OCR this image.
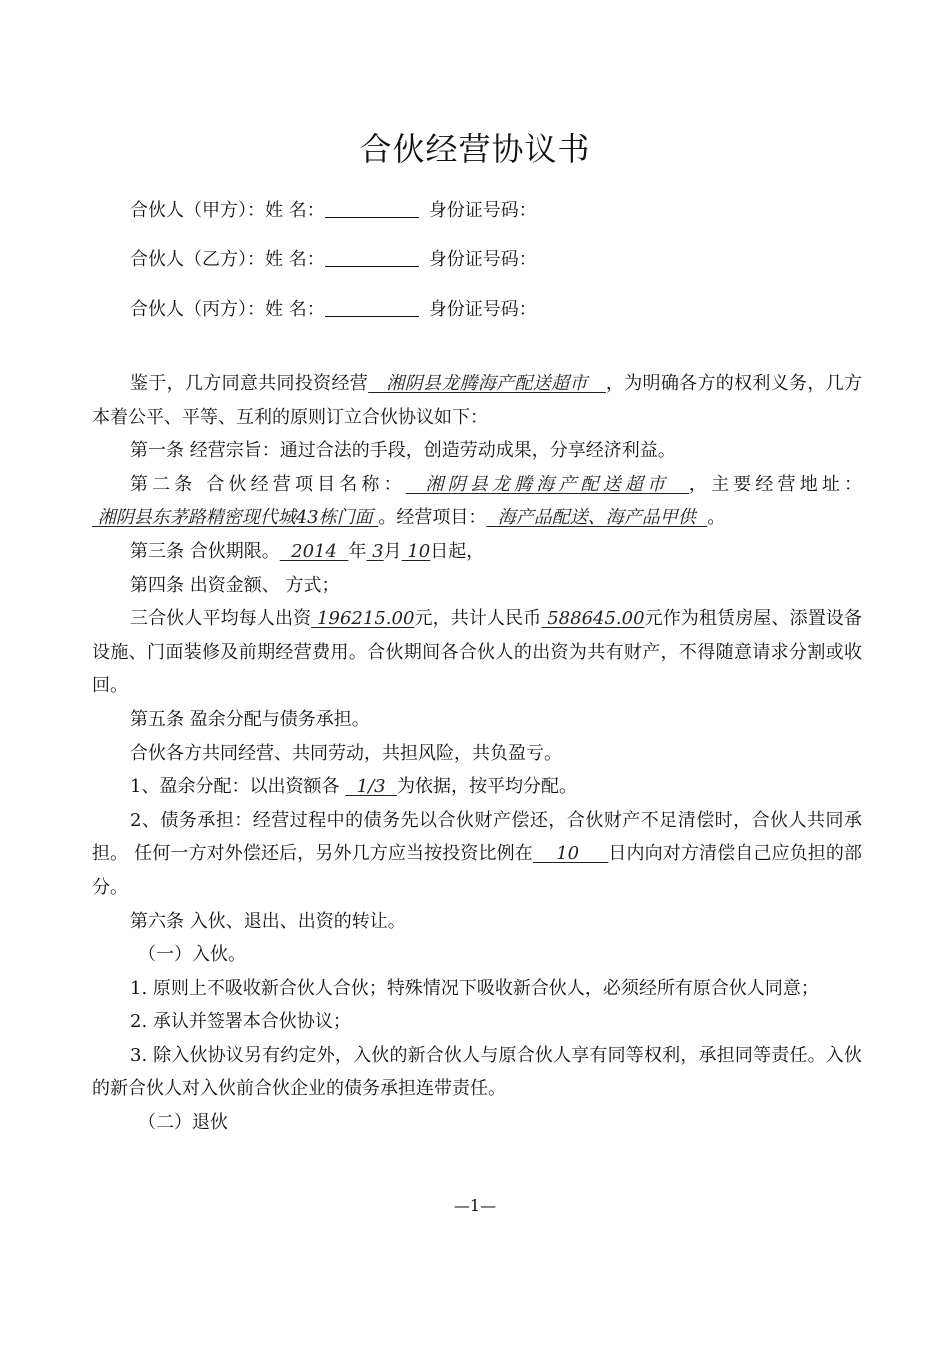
合伙经营协议书
合伙人（甲方）：姓 名：	身份证号码：
合伙人（乙方）：姓 名：	身份证号码：
合伙人（丙方）：姓 名：	身份证号码：

鉴于，几方同意共同投资经营   湘阴县龙腾海产配送超市   ，为明确各方的权利义务，几方本着公平、平等、互利的原则订立合伙协议如下：

第一条 经营宗旨：通过合法的手段，创造劳动成果，分享经济利益。

第二条 合伙经营项目名称：  湘阴县龙腾海产配送超市  ，主要经营地址： 湘阴县东茅路精密现代城43栋门面 。经营项目：  海产品配送、海产品甲供  。

第三条 合伙期限。  2014  年 3月 10日起，

第四条 出资金额、 方式；

三合伙人平均每人出资 196215.00元，共计人民币 588645.00元作为租赁房屋、添置设备设施、门面装修及前期经营费用。合伙期间各合伙人的出资为共有财产，不得随意请求分割或收回。

第五条 盈余分配与债务承担。

合伙各方共同经营、共同劳动，共担风险，共负盈亏。

1、盈余分配：以出资额各   1/3  为依据，按平均分配。

2、债务承担：经营过程中的债务先以合伙财产偿还，合伙财产不足清偿时，合伙人共同承担。 任何一方对外偿还后，另外几方应当按投资比例在    10     日内向对方清偿自己应负担的部分。

第六条 入伙、退出、出资的转让。

（一）入伙。

1. 原则上不吸收新合伙人合伙；特殊情况下吸收新合伙人，必须经所有原合伙人同意；

2. 承认并签署本合伙协议；

3. 除入伙协议另有约定外，入伙的新合伙人与原合伙人享有同等权利，承担同等责任。入伙的新合伙人对入伙前合伙企业的债务承担连带责任。

（二）退伙

—1—
